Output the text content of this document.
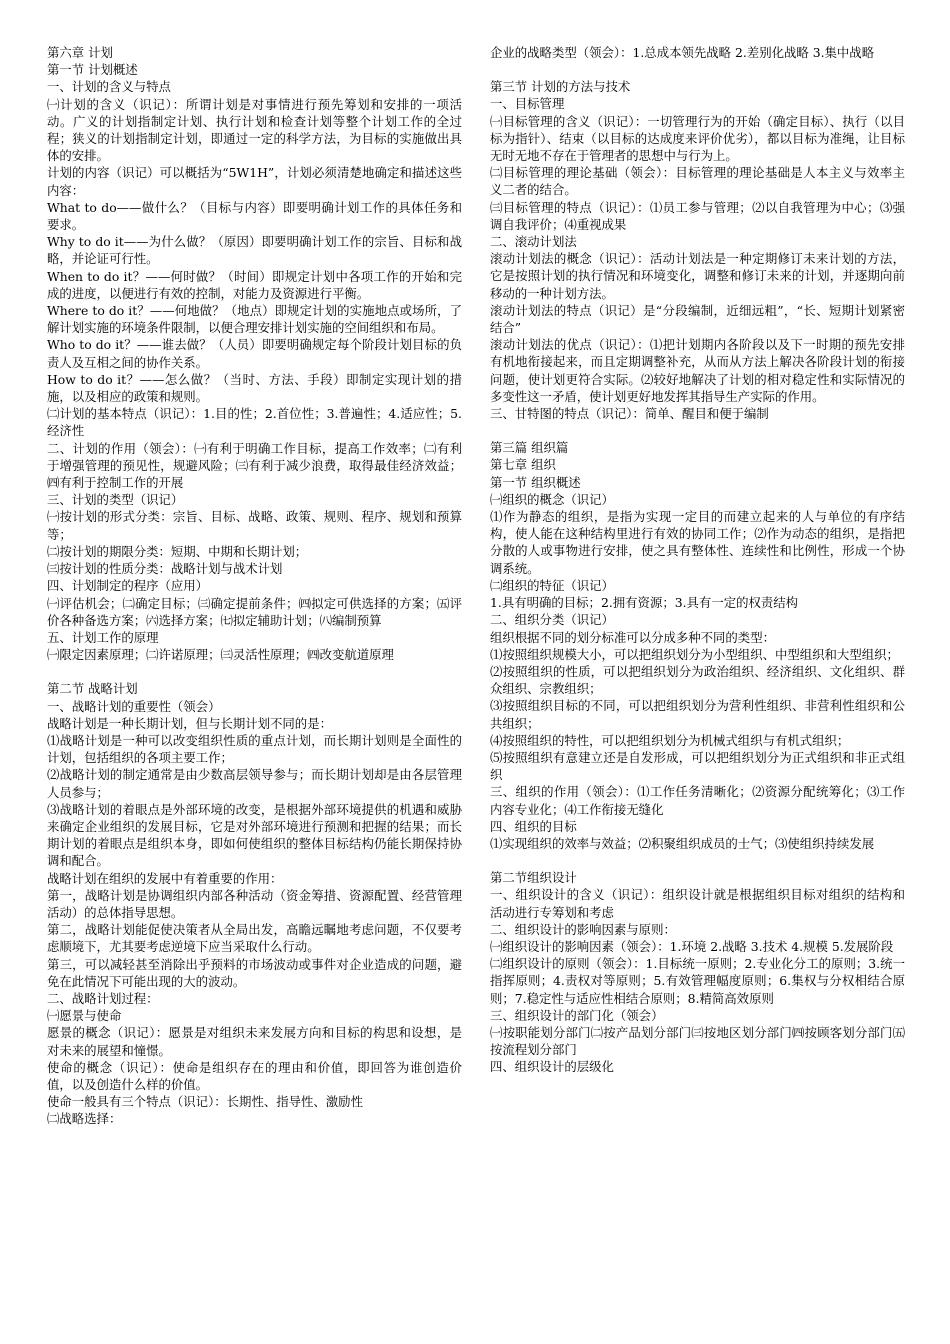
第六章 计划
第一节 计划概述
一、计划的含义与特点
㈠计划的含义（识记）：所谓计划是对事情进行预先筹划和安排的一项活动。广义的计划指制定计划、执行计划和检查计划等整个计划工作的全过程；狭义的计划指制定计划，即通过一定的科学方法，为目标的实施做出具体的安排。
计划的内容（识记）可以概括为“5W1H”，计划必须清楚地确定和描述这些内容：
What to do——做什么？（目标与内容）即要明确计划工作的具体任务和要求。
Why to do it——为什么做？（原因）即要明确计划工作的宗旨、目标和战略，并论证可行性。
When to do it？——何时做？（时间）即规定计划中各项工作的开始和完成的进度，以便进行有效的控制，对能力及资源进行平衡。
Where to do it？——何地做？（地点）即规定计划的实施地点或场所，了解计划实施的环境条件限制，以便合理安排计划实施的空间组织和布局。
Who to do it？——谁去做？（人员）即要明确规定每个阶段计划目标的负责人及互相之间的协作关系。
How to do it？——怎么做？（当时、方法、手段）即制定实现计划的措施，以及相应的政策和规则。
㈡计划的基本特点（识记）：1.目的性；2.首位性；3.普遍性；4.适应性；5.经济性
二、计划的作用（领会）：㈠有利于明确工作目标，提高工作效率；㈡有利于增强管理的预见性，规避风险；㈢有利于减少浪费，取得最佳经济效益；㈣有利于控制工作的开展
三、计划的类型（识记）
㈠按计划的形式分类：宗旨、目标、战略、政策、规则、程序、规划和预算等；
㈡按计划的期限分类：短期、中期和长期计划；
㈢按计划的性质分类：战略计划与战术计划
四、计划制定的程序（应用）
㈠评估机会；㈡确定目标；㈢确定提前条件；㈣拟定可供选择的方案；㈤评价各种备选方案；㈥选择方案；㈦拟定辅助计划；㈧编制预算
五、计划工作的原理
㈠限定因素原理；㈡许诺原理；㈢灵活性原理；㈣改变航道原理
第二节 战略计划
一、战略计划的重要性（领会）
战略计划是一种长期计划，但与长期计划不同的是：
⑴战略计划是一种可以改变组织性质的重点计划，而长期计划则是全面性的计划，包括组织的各项主要工作；
⑵战略计划的制定通常是由少数高层领导参与；而长期计划却是由各层管理人员参与；
⑶战略计划的着眼点是外部环境的改变，是根据外部环境提供的机遇和威胁来确定企业组织的发展目标，它是对外部环境进行预测和把握的结果；而长期计划的着眼点是组织本身，即如何使组织的整体目标结构仍能长期保持协调和配合。
战略计划在组织的发展中有着重要的作用：
第一，战略计划是协调组织内部各种活动（资金筹措、资源配置、经营管理活动）的总体指导思想。
第二，战略计划能促使决策者从全局出发，高瞻远瞩地考虑问题，不仅要考虑顺境下，尤其要考虑逆境下应当采取什么行动。
第三，可以减轻甚至消除出乎预料的市场波动或事件对企业造成的问题，避免在此情况下可能出现的大的波动。
二、战略计划过程：
㈠愿景与使命
愿景的概念（识记）：愿景是对组织未来发展方向和目标的构思和设想，是对未来的展望和憧憬。
使命的概念（识记）：使命是组织存在的理由和价值，即回答为谁创造价值，以及创造什么样的价值。
使命一般具有三个特点（识记）：长期性、指导性、激励性
㈡战略选择：
企业的战略类型（领会）：1.总成本领先战略 2.差别化战略 3.集中战略
第三节 计划的方法与技术
一、目标管理
㈠目标管理的含义（识记）：一切管理行为的开始（确定目标）、执行（以目标为指针）、结束（以目标的达成度来评价优劣），都以目标为准绳，让目标无时无地不存在于管理者的思想中与行为上。
㈡目标管理的理论基础（领会）：目标管理的理论基础是人本主义与效率主义二者的结合。
㈢目标管理的特点（识记）：⑴员工参与管理；⑵以自我管理为中心；⑶强调自我评价；⑷重视成果
二、滚动计划法
滚动计划法的概念（识记）：活动计划法是一种定期修订未来计划的方法，它是按照计划的执行情况和环境变化，调整和修订未来的计划，并逐期向前移动的一种计划方法。
滚动计划法的特点（识记）是“分段编制，近细远粗”，“长、短期计划紧密结合”
滚动计划法的优点（识记）：⑴把计划期内各阶段以及下一时期的预先安排有机地衔接起来，而且定期调整补充，从而从方法上解决各阶段计划的衔接问题，使计划更符合实际。⑵较好地解决了计划的相对稳定性和实际情况的多变性这一矛盾，使计划更好地发挥其指导生产实际的作用。
三、甘特图的特点（识记）：简单、醒目和便于编制
第三篇 组织篇
第七章 组织
第一节 组织概述
㈠组织的概念（识记）
⑴作为静态的组织，是指为实现一定目的而建立起来的人与单位的有序结构，使人能在这种结构里进行有效的协同工作；⑵作为动态的组织，是指把分散的人或事物进行安排，使之具有整体性、连续性和比例性，形成一个协调系统。
㈡组织的特征（识记）
1.具有明确的目标；2.拥有资源；3.具有一定的权责结构
二、组织分类（识记）
组织根据不同的划分标准可以分成多种不同的类型：
⑴按照组织规模大小，可以把组织划分为小型组织、中型组织和大型组织；
⑵按照组织的性质，可以把组织划分为政治组织、经济组织、文化组织、群众组织、宗教组织；
⑶按照组织目标的不同，可以把组织划分为营利性组织、非营利性组织和公共组织；
⑷按照组织的特性，可以把组织划分为机械式组织与有机式组织；
⑸按照组织有意建立还是自发形成，可以把组织划分为正式组织和非正式组织
三、组织的作用（领会）：⑴工作任务清晰化；⑵资源分配统筹化；⑶工作内容专业化；⑷工作衔接无缝化
四、组织的目标
⑴实现组织的效率与效益；⑵积聚组织成员的士气；⑶使组织持续发展
第二节组织设计
一、组织设计的含义（识记）：组织设计就是根据组织目标对组织的结构和活动进行专筹划和考虑
二、组织设计的影响因素与原则：
㈠组织设计的影响因素（领会）：1.环境 2.战略 3.技术 4.规模 5.发展阶段
㈡组织设计的原则（领会）：1.目标统一原则；2.专业化分工的原则；3.统一指挥原则；4.责权对等原则；5.有效管理幅度原则；6.集权与分权相结合原则；7.稳定性与适应性相结合原则；8.精简高效原则
三、组织设计的部门化（领会）
㈠按职能划分部门㈡按产品划分部门㈢按地区划分部门㈣按顾客划分部门㈤按流程划分部门
四、组织设计的层级化
